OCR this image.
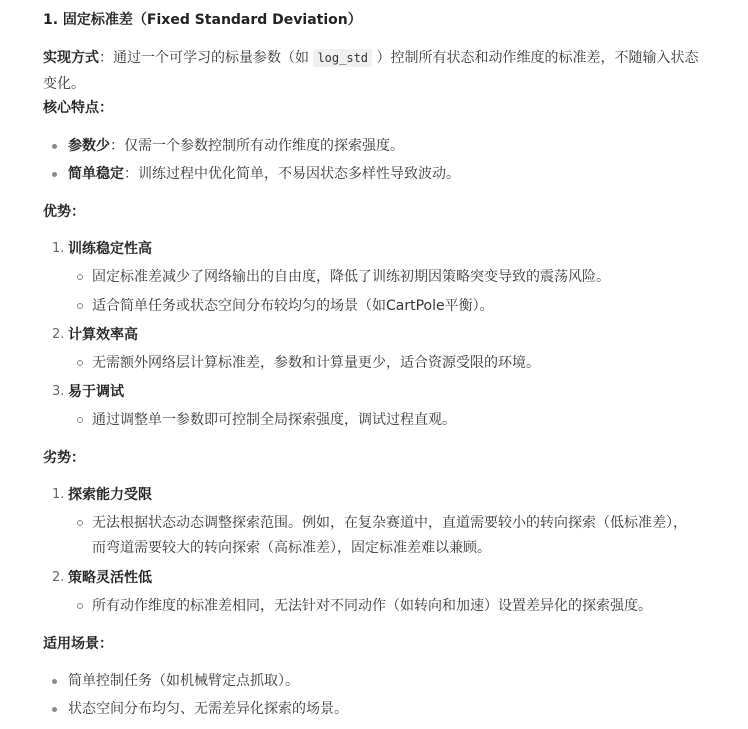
1. 固定标准差（Fixed Standard Deviation）
实现方式：通过一个可学习的标量参数（如 log_std ）控制所有状态和动作维度的标准差，不随输入状态
变化。
核心特点：
参数少：仅需一个参数控制所有动作维度的探索强度。
简单稳定：训练过程中优化简单，不易因状态多样性导致波动。
优势：
1. 训练稳定性高
固定标准差减少了网络输出的自由度，降低了训练初期因策略突变导致的震荡风险。
适合简单任务或状态空间分布较均匀的场景（如CartPole平衡）。
2. 计算效率高
无需额外网络层计算标准差，参数和计算量更少，适合资源受限的环境。
3. 易于调试
通过调整单一参数即可控制全局探索强度，调试过程直观。
劣势：
1. 探索能力受限
无法根据状态动态调整探索范围。例如，在复杂赛道中，直道需要较小的转向探索（低标准差），
而弯道需要较大的转向探索（高标准差），固定标准差难以兼顾。
2. 策略灵活性低
所有动作维度的标准差相同，无法针对不同动作（如转向和加速）设置差异化的探索强度。
适用场景：
简单控制任务（如机械臂定点抓取）。
状态空间分布均匀、无需差异化探索的场景。
